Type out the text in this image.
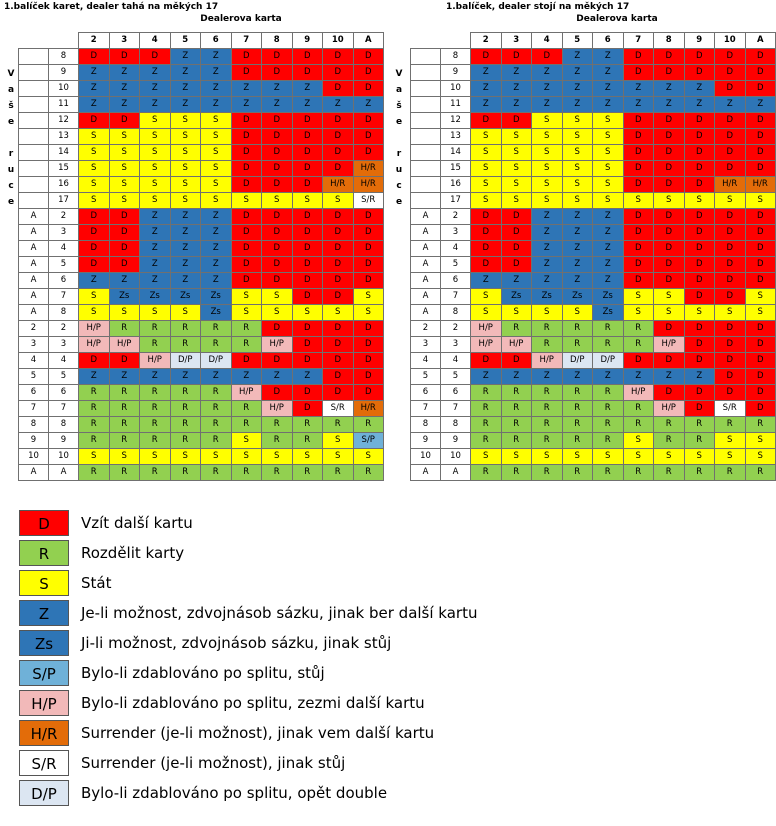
1.balíček karet, dealer tahá na měkých 17
Dealerova karta
V
a
š
e
r
u
c
e
		2	3	4	5	6	7	8	9	10	A
	8	D	D	D	Z	Z	D	D	D	D	D
	9	Z	Z	Z	Z	Z	D	D	D	D	D
	10	Z	Z	Z	Z	Z	Z	Z	Z	D	D
	11	Z	Z	Z	Z	Z	Z	Z	Z	Z	Z
	12	D	D	S	S	S	D	D	D	D	D
	13	S	S	S	S	S	D	D	D	D	D
	14	S	S	S	S	S	D	D	D	D	D
	15	S	S	S	S	S	D	D	D	D	H/R
	16	S	S	S	S	S	D	D	D	H/R	H/R
	17	S	S	S	S	S	S	S	S	S	S/R
A	2	D	D	Z	Z	Z	D	D	D	D	D
A	3	D	D	Z	Z	Z	D	D	D	D	D
A	4	D	D	Z	Z	Z	D	D	D	D	D
A	5	D	D	Z	Z	Z	D	D	D	D	D
A	6	Z	Z	Z	Z	Z	D	D	D	D	D
A	7	S	Zs	Zs	Zs	Zs	S	S	D	D	S
A	8	S	S	S	S	Zs	S	S	S	S	S
2	2	H/P	R	R	R	R	R	D	D	D	D
3	3	H/P	H/P	R	R	R	R	H/P	D	D	D
4	4	D	D	H/P	D/P	D/P	D	D	D	D	D
5	5	Z	Z	Z	Z	Z	Z	Z	Z	D	D
6	6	R	R	R	R	R	H/P	D	D	D	D
7	7	R	R	R	R	R	R	H/P	D	S/R	H/R
8	8	R	R	R	R	R	R	R	R	R	R
9	9	R	R	R	R	R	S	R	R	S	S/P
10	10	S	S	S	S	S	S	S	S	S	S
A	A	R	R	R	R	R	R	R	R	R	R
1.balíček, dealer stojí na měkých 17
Dealerova karta
V
a
š
e
r
u
c
e
		2	3	4	5	6	7	8	9	10	A
	8	D	D	D	Z	Z	D	D	D	D	D
	9	Z	Z	Z	Z	Z	D	D	D	D	D
	10	Z	Z	Z	Z	Z	Z	Z	Z	D	D
	11	Z	Z	Z	Z	Z	Z	Z	Z	Z	Z
	12	D	D	S	S	S	D	D	D	D	D
	13	S	S	S	S	S	D	D	D	D	D
	14	S	S	S	S	S	D	D	D	D	D
	15	S	S	S	S	S	D	D	D	D	D
	16	S	S	S	S	S	D	D	D	H/R	H/R
	17	S	S	S	S	S	S	S	S	S	S
A	2	D	D	Z	Z	Z	D	D	D	D	D
A	3	D	D	Z	Z	Z	D	D	D	D	D
A	4	D	D	Z	Z	Z	D	D	D	D	D
A	5	D	D	Z	Z	Z	D	D	D	D	D
A	6	Z	Z	Z	Z	Z	D	D	D	D	D
A	7	S	Zs	Zs	Zs	Zs	S	S	D	D	S
A	8	S	S	S	S	Zs	S	S	S	S	S
2	2	H/P	R	R	R	R	R	D	D	D	D
3	3	H/P	H/P	R	R	R	R	H/P	D	D	D
4	4	D	D	H/P	D/P	D/P	D	D	D	D	D
5	5	Z	Z	Z	Z	Z	Z	Z	Z	D	D
6	6	R	R	R	R	R	H/P	D	D	D	D
7	7	R	R	R	R	R	R	H/P	D	S/R	D
8	8	R	R	R	R	R	R	R	R	R	R
9	9	R	R	R	R	R	S	R	R	S	S
10	10	S	S	S	S	S	S	S	S	S	S
A	A	R	R	R	R	R	R	R	R	R	R
D	Vzít další kartu
R	Rozdělit karty
S	Stát
Z	Je-li možnost, zdvojnásob sázku, jinak ber další kartu
Zs	Ji-li možnost, zdvojnásob sázku, jinak stůj
S/P	Bylo-li zdablováno po splitu, stůj
H/P	Bylo-li zdablováno po splitu, zezmi další kartu
H/R	Surrender (je-li možnost), jinak vem další kartu
S/R	Surrender (je-li možnost), jinak stůj
D/P	Bylo-li zdablováno po splitu, opět double
